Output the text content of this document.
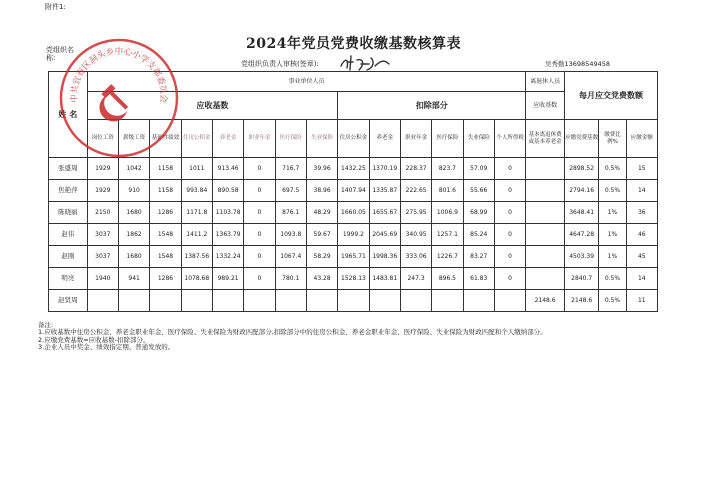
附件1:
2024年党员党费收缴基数核算表
党组织名称:
党组织负责人审核(签章):	吴秀勤13698549458
姓 名	事业单位人员														离退休人员	每月应交党费数额		
	应收基数								扣除部分						应收基数			
	岗位工资	薪级工资	基础性绩效	住房公积金	养老金	职业年金	医疗保险	失业保险	住房公积金	养老金	职业年金	医疗保险	失业保险	个人所得税	基本离退休费或基本养老金	应缴党费基数	缴费比例%	应缴金额
张盛周	1929	1042	1158	1011	913.46	0	716.7	39.96	1432.25	1370.19	228.37	823.7	57.09	0		2898.52	0.5%	15
焦艳萍	1929	910	1158	993.84	890.58	0	697.5	38.96	1407.94	1335.87	222.65	801.6	55.66	0		2794.16	0.5%	14
陈晓丽	2150	1680	1286	1171.8	1103.78	0	876.1	48.29	1660.05	1655.67	275.95	1006.9	68.99	0		3648.41	1%	36
赵伟	3037	1862	1548	1411.2	1363.79	0	1093.8	59.67	1999.2	2045.69	340.95	1257.1	85.24	0		4647.28	1%	46
赵刚	3037	1680	1548	1387.56	1332.24	0	1067.4	58.29	1965.71	1998.36	333.06	1226.7	83.27	0		4503.39	1%	45
明亮	1940	941	1286	1078.68	989.21	0	780.1	43.28	1528.13	1483.81	247.3	896.5	61.83	0		2840.7	0.5%	14
赵贤周															2148.6	2148.6	0.5%	11
中共宜春区洞头乡中心小学支部委员会
备注:
1.应收基数中住房公积金、养老金职业年金、医疗保险、失业保险为财政匹配部分,扣除部分中的住房公积金、养老金职业年金、医疗保险、失业保险为财政匹配和个人缴纳部分。
2.应缴党费基数=应收基数-扣除部分。
3.企业人员中奖金、绩效指定期、普通发放的。
